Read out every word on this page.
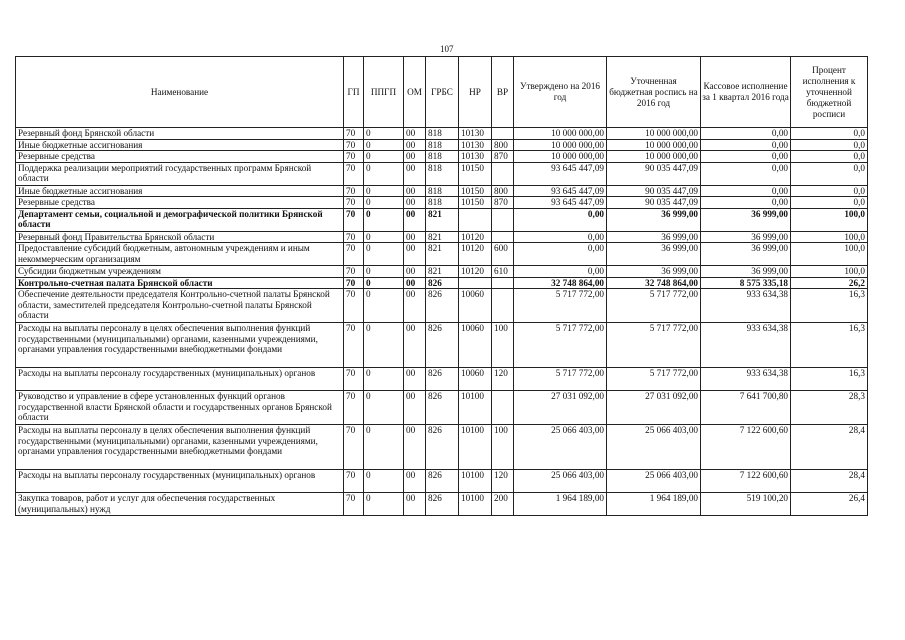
107
Наименование	ГП	ППГП	ОМ	ГРБС	НР	ВР	Утверждено на 2016 год	Уточненная бюджетная роспись на 2016 год	Кассовое исполнение за 1 квартал 2016 года	Процент исполнения к уточненной бюджетной росписи
Резервный фонд Брянской области	70	0	00	818	10130		10 000 000,00	10 000 000,00	0,00	0,0
Иные бюджетные ассигнования	70	0	00	818	10130	800	10 000 000,00	10 000 000,00	0,00	0,0
Резервные средства	70	0	00	818	10130	870	10 000 000,00	10 000 000,00	0,00	0,0
Поддержка реализации мероприятий государственных программ Брянской области	70	0	00	818	10150		93 645 447,09	90 035 447,09	0,00	0,0
Иные бюджетные ассигнования	70	0	00	818	10150	800	93 645 447,09	90 035 447,09	0,00	0,0
Резервные средства	70	0	00	818	10150	870	93 645 447,09	90 035 447,09	0,00	0,0
Департамент семьи, социальной и демографической политики Брянской области	70	0	00	821			0,00	36 999,00	36 999,00	100,0
Резервный фонд Правительства Брянской области	70	0	00	821	10120		0,00	36 999,00	36 999,00	100,0
Предоставление субсидий бюджетным, автономным учреждениям и иным некоммерческим организациям	70	0	00	821	10120	600	0,00	36 999,00	36 999,00	100,0
Субсидии бюджетным учреждениям	70	0	00	821	10120	610	0,00	36 999,00	36 999,00	100,0
Контрольно-счетная палата Брянской области	70	0	00	826			32 748 864,00	32 748 864,00	8 575 335,18	26,2
Обеспечение деятельности председателя Контрольно-счетной палаты Брянской области, заместителей председателя Контрольно-счетной палаты Брянской области	70	0	00	826	10060		5 717 772,00	5 717 772,00	933 634,38	16,3
Расходы на выплаты персоналу в целях обеспечения выполнения функций государственными (муниципальными) органами, казенными учреждениями, органами управления государственными внебюджетными фондами	70	0	00	826	10060	100	5 717 772,00	5 717 772,00	933 634,38	16,3
Расходы на выплаты персоналу государственных (муниципальных) органов	70	0	00	826	10060	120	5 717 772,00	5 717 772,00	933 634,38	16,3
Руководство и управление в сфере установленных функций органов государственной власти Брянской области и государственных органов Брянской области	70	0	00	826	10100		27 031 092,00	27 031 092,00	7 641 700,80	28,3
Расходы на выплаты персоналу в целях обеспечения выполнения функций государственными (муниципальными) органами, казенными учреждениями, органами управления государственными внебюджетными фондами	70	0	00	826	10100	100	25 066 403,00	25 066 403,00	7 122 600,60	28,4
Расходы на выплаты персоналу государственных (муниципальных) органов	70	0	00	826	10100	120	25 066 403,00	25 066 403,00	7 122 600,60	28,4
Закупка товаров, работ и услуг для обеспечения государственных (муниципальных) нужд	70	0	00	826	10100	200	1 964 189,00	1 964 189,00	519 100,20	26,4
